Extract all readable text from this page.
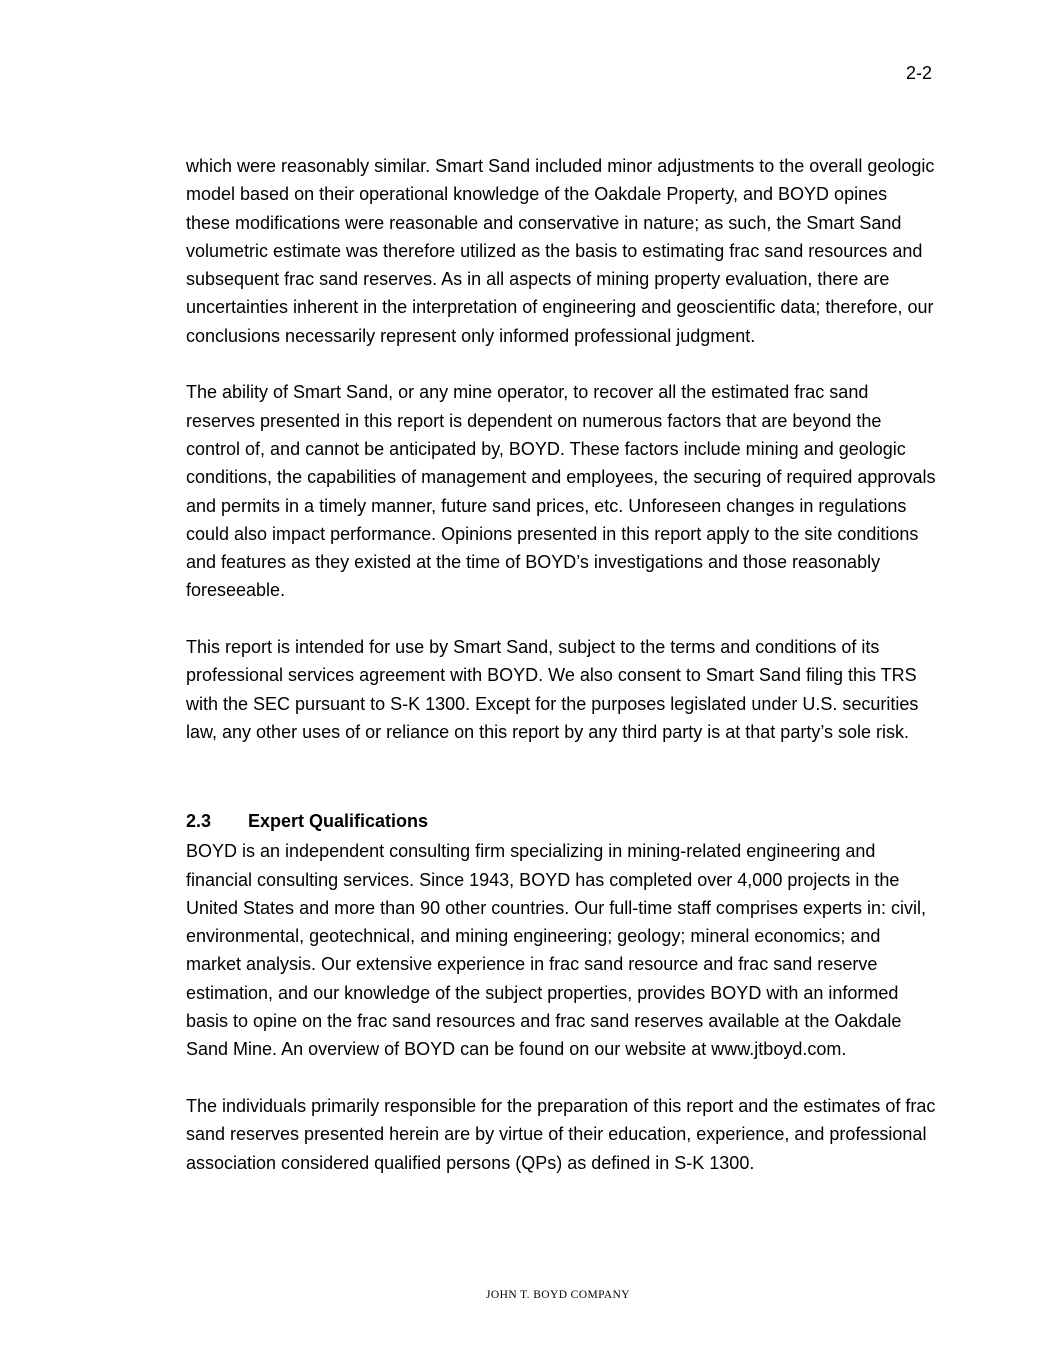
2-2

which were reasonably similar. Smart Sand included minor adjustments to the overall geologic model based on their operational knowledge of the Oakdale Property, and BOYD opines these modifications were reasonable and conservative in nature; as such, the Smart Sand volumetric estimate was therefore utilized as the basis to estimating frac sand resources and subsequent frac sand reserves. As in all aspects of mining property evaluation, there are uncertainties inherent in the interpretation of engineering and geoscientific data; therefore, our conclusions necessarily represent only informed professional judgment.

The ability of Smart Sand, or any mine operator, to recover all the estimated frac sand reserves presented in this report is dependent on numerous factors that are beyond the control of, and cannot be anticipated by, BOYD. These factors include mining and geologic conditions, the capabilities of management and employees, the securing of required approvals and permits in a timely manner, future sand prices, etc. Unforeseen changes in regulations could also impact performance. Opinions presented in this report apply to the site conditions and features as they existed at the time of BOYD’s investigations and those reasonably foreseeable.

This report is intended for use by Smart Sand, subject to the terms and conditions of its professional services agreement with BOYD. We also consent to Smart Sand filing this TRS with the SEC pursuant to S-K 1300. Except for the purposes legislated under U.S. securities law, any other uses of or reliance on this report by any third party is at that party’s sole risk.

2.3	Expert Qualifications

BOYD is an independent consulting firm specializing in mining-related engineering and financial consulting services. Since 1943, BOYD has completed over 4,000 projects in the United States and more than 90 other countries. Our full-time staff comprises experts in: civil, environmental, geotechnical, and mining engineering; geology; mineral economics; and market analysis. Our extensive experience in frac sand resource and frac sand reserve estimation, and our knowledge of the subject properties, provides BOYD with an informed basis to opine on the frac sand resources and frac sand reserves available at the Oakdale Sand Mine. An overview of BOYD can be found on our website at www.jtboyd.com.

The individuals primarily responsible for the preparation of this report and the estimates of frac sand reserves presented herein are by virtue of their education, experience, and professional association considered qualified persons (QPs) as defined in S-K 1300.

JOHN T. BOYD COMPANY
